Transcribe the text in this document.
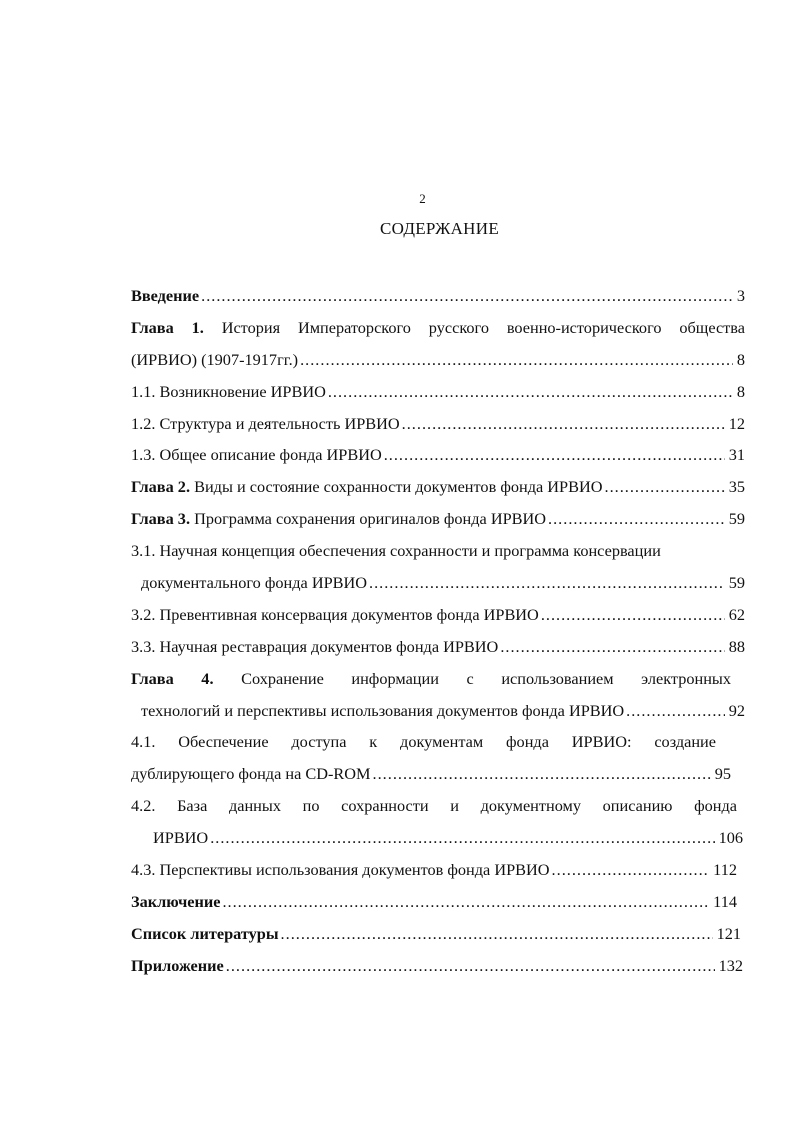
2
СОДЕРЖАНИЕ
Введение .....	3
Глава 1. История Императорского русского военно-исторического общества
(ИРВИО) (1907-1917гг.) .....	8
1.1. Возникновение ИРВИО .....	8
1.2. Структура и деятельность ИРВИО .....	12
1.3. Общее описание фонда ИРВИО .....	31
Глава 2. Виды и состояние сохранности документов фонда ИРВИО .....	35
Глава 3. Программа сохранения оригиналов фонда ИРВИО .....	59
3.1. Научная концепция обеспечения сохранности и программа консервации
документального фонда ИРВИО .....	59
3.2. Превентивная консервация документов фонда ИРВИО .....	62
3.3. Научная реставрация документов фонда ИРВИО .....	88
Глава 4. Сохранение информации с использованием электронных
технологий и перспективы использования документов фонда ИРВИО .....	92
4.1. Обеспечение доступа к документам фонда ИРВИО: создание
дублирующего фонда на CD-ROM .....	95
4.2. База данных по сохранности и документному описанию фонда
ИРВИО .....	106
4.3. Перспективы использования документов фонда ИРВИО .....	112
Заключение .....	114
Список литературы .....	121
Приложение .....	132
